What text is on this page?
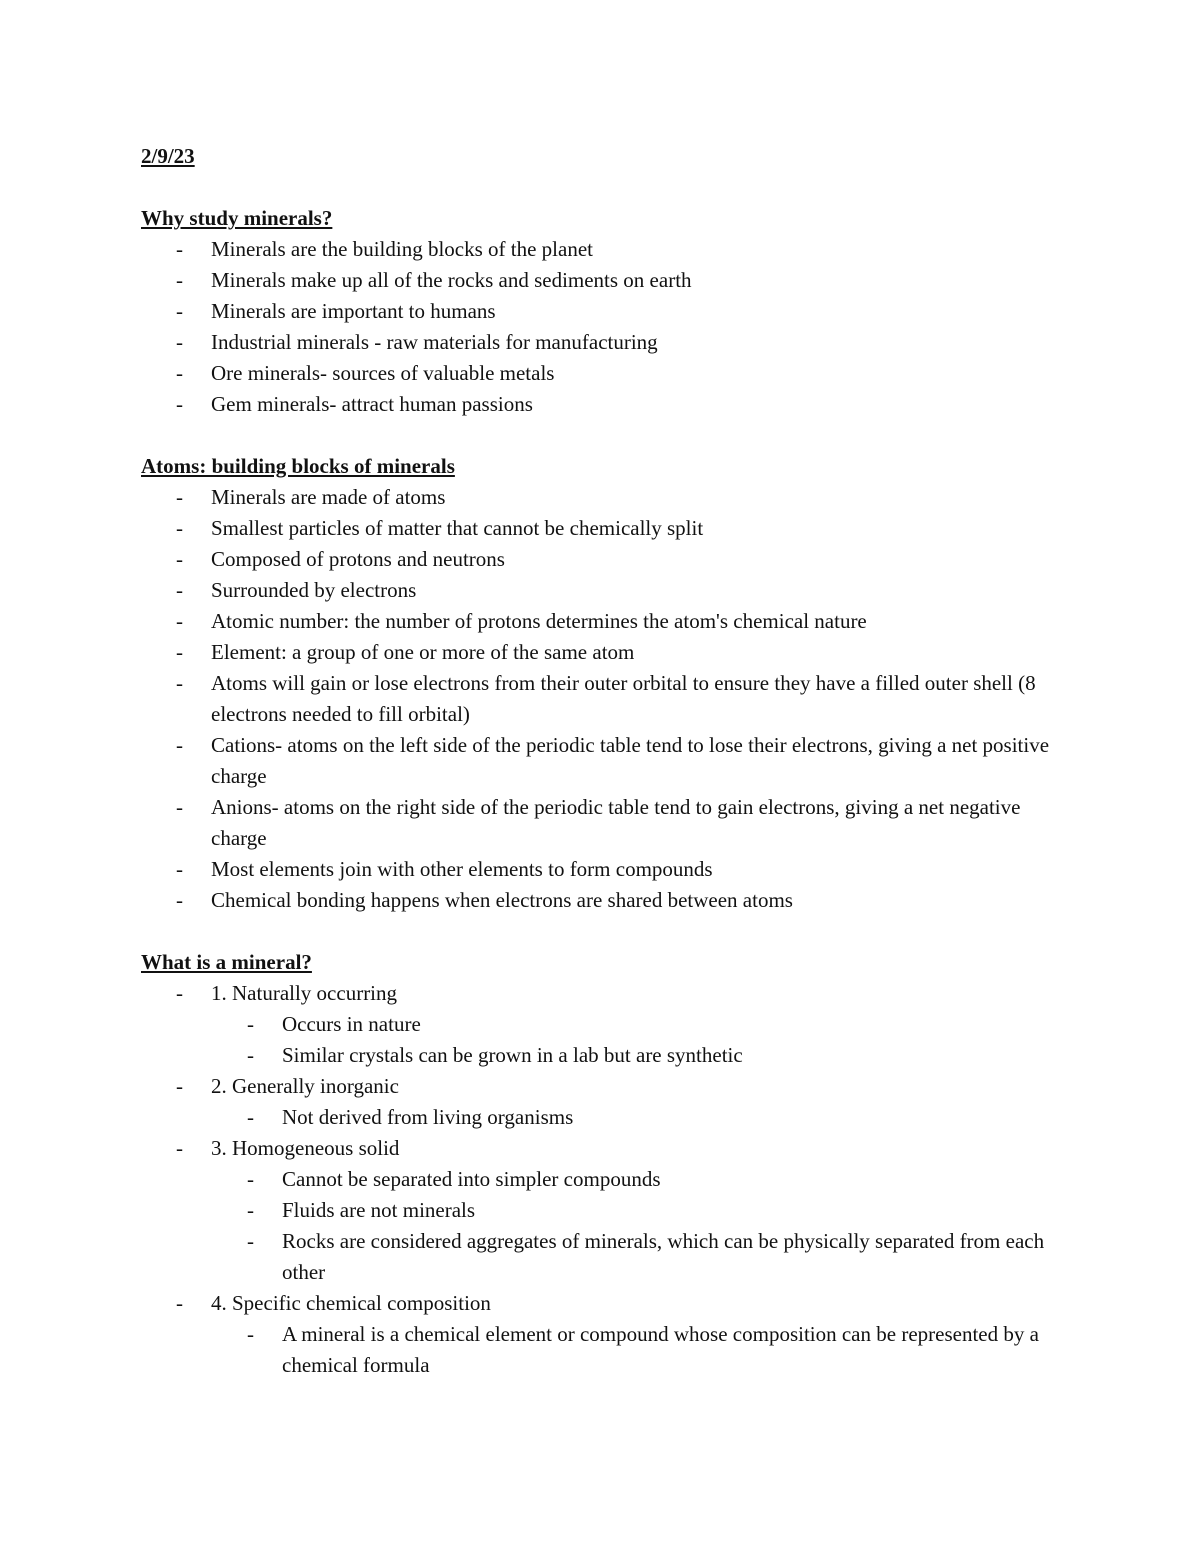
2/9/23
Why study minerals?
- Minerals are the building blocks of the planet
- Minerals make up all of the rocks and sediments on earth
- Minerals are important to humans
- Industrial minerals - raw materials for manufacturing
- Ore minerals- sources of valuable metals
- Gem minerals- attract human passions
Atoms: building blocks of minerals
- Minerals are made of atoms
- Smallest particles of matter that cannot be chemically split
- Composed of protons and neutrons
- Surrounded by electrons
- Atomic number: the number of protons determines the atom's chemical nature
- Element: a group of one or more of the same atom
- Atoms will gain or lose electrons from their outer orbital to ensure they have a filled outer shell (8 electrons needed to fill orbital)
- Cations- atoms on the left side of the periodic table tend to lose their electrons, giving a net positive charge
- Anions- atoms on the right side of the periodic table tend to gain electrons, giving a net negative charge
- Most elements join with other elements to form compounds
- Chemical bonding happens when electrons are shared between atoms
What is a mineral?
- 1. Naturally occurring
- Occurs in nature
- Similar crystals can be grown in a lab but are synthetic
- 2. Generally inorganic
- Not derived from living organisms
- 3. Homogeneous solid
- Cannot be separated into simpler compounds
- Fluids are not minerals
- Rocks are considered aggregates of minerals, which can be physically separated from each other
- 4. Specific chemical composition
- A mineral is a chemical element or compound whose composition can be represented by a chemical formula
